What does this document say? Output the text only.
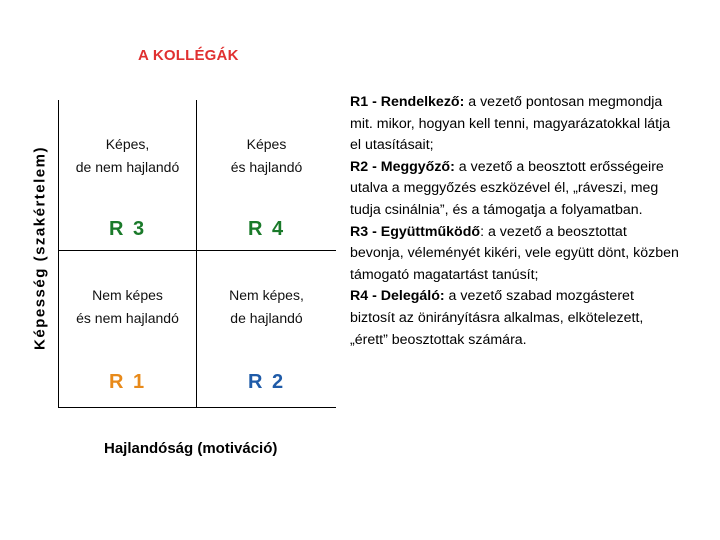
A KOLLÉGÁK
Képesség (szakértelem)
Képes,
de nem hajlandó
R 3
Képes
és hajlandó
R 4
Nem képes
és nem hajlandó
R 1
Nem képes,
de hajlandó
R 2
Hajlandóság (motiváció)

R1 - Rendelkező: a vezető pontosan megmondja mit. mikor, hogyan kell tenni, magyarázatokkal látja el utasításait;

R2 - Meggyőző: a vezető a beosztott erősségeire utalva a meggyőzés eszközével él, „ráveszi, meg tudja csinálnia”, és a támogatja a folyamatban.

R3 - Együttműködő: a vezető a beosztottat bevonja, véleményét kikéri, vele együtt dönt, közben támogató magatartást tanúsít;

R4 - Delegáló: a vezető szabad mozgásteret biztosít az önirányításra alkalmas, elkötelezett, „érett” beosztottak számára.
